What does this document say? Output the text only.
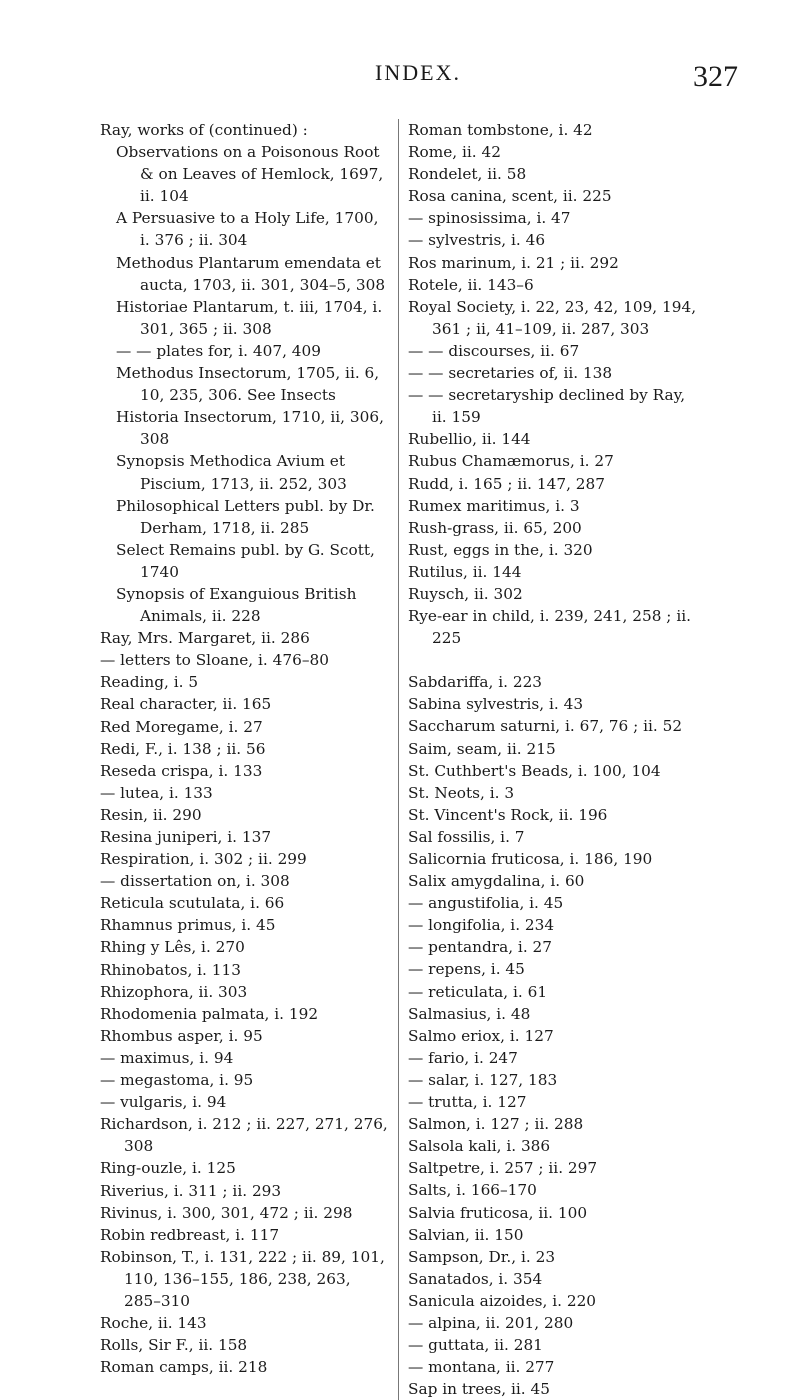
INDEX.	327

Ray, works of (continued) :

Observations on a Poisonous Root & on Leaves of Hemlock, 1697, ii. 104

A Persuasive to a Holy Life, 1700, i. 376 ; ii. 304

Methodus Plantarum emendata et aucta, 1703, ii. 301, 304–5, 308

Historiae Plantarum, t. iii, 1704, i. 301, 365 ; ii. 308

— — plates for, i. 407, 409

Methodus Insectorum, 1705, ii. 6, 10, 235, 306. See Insects

Historia Insectorum, 1710, ii, 306, 308

Synopsis Methodica Avium et Piscium, 1713, ii. 252, 303

Philosophical Letters publ. by Dr. Derham, 1718, ii. 285

Select Remains publ. by G. Scott, 1740

Synopsis of Exanguious British Animals, ii. 228

Ray, Mrs. Margaret, ii. 286

— letters to Sloane, i. 476–80

Reading, i. 5

Real character, ii. 165

Red Moregame, i. 27

Redi, F., i. 138 ; ii. 56

Reseda crispa, i. 133

— lutea, i. 133

Resin, ii. 290

Resina juniperi, i. 137

Respiration, i. 302 ; ii. 299

— dissertation on, i. 308

Reticula scutulata, i. 66

Rhamnus primus, i. 45

Rhing y Lês, i. 270

Rhinobatos, i. 113

Rhizophora, ii. 303

Rhodomenia palmata, i. 192

Rhombus asper, i. 95

— maximus, i. 94

— megastoma, i. 95

— vulgaris, i. 94

Richardson, i. 212 ; ii. 227, 271, 276, 308

Ring-ouzle, i. 125

Riverius, i. 311 ; ii. 293

Rivinus, i. 300, 301, 472 ; ii. 298

Robin redbreast, i. 117

Robinson, T., i. 131, 222 ; ii. 89, 101, 110, 136–155, 186, 238, 263, 285–310

Roche, ii. 143

Rolls, Sir F., ii. 158

Roman camps, ii. 218

Roman tombstone, i. 42

Rome, ii. 42

Rondelet, ii. 58

Rosa canina, scent, ii. 225

— spinosissima, i. 47

— sylvestris, i. 46

Ros marinum, i. 21 ; ii. 292

Rotele, ii. 143–6

Royal Society, i. 22, 23, 42, 109, 194, 361 ; ii, 41–109, ii. 287, 303

— — discourses, ii. 67

— — secretaries of, ii. 138

— — secretaryship declined by Ray, ii. 159

Rubellio, ii. 144

Rubus Chamæmorus, i. 27

Rudd, i. 165 ; ii. 147, 287

Rumex maritimus, i. 3

Rush-grass, ii. 65, 200

Rust, eggs in the, i. 320

Rutilus, ii. 144

Ruysch, ii. 302

Rye-ear in child, i. 239, 241, 258 ; ii. 225

Sabdariffa, i. 223

Sabina sylvestris, i. 43

Saccharum saturni, i. 67, 76 ; ii. 52

Saim, seam, ii. 215

St. Cuthbert's Beads, i. 100, 104

St. Neots, i. 3

St. Vincent's Rock, ii. 196

Sal fossilis, i. 7

Salicornia fruticosa, i. 186, 190

Salix amygdalina, i. 60

— angustifolia, i. 45

— longifolia, i. 234

— pentandra, i. 27

— repens, i. 45

— reticulata, i. 61

Salmasius, i. 48

Salmo eriox, i. 127

— fario, i. 247

— salar, i. 127, 183

— trutta, i. 127

Salmon, i. 127 ; ii. 288

Salsola kali, i. 386

Saltpetre, i. 257 ; ii. 297

Salts, i. 166–170

Salvia fruticosa, ii. 100

Salvian, ii. 150

Sampson, Dr., i. 23

Sanatados, i. 354

Sanicula aizoides, i. 220

— alpina, ii. 201, 280

— guttata, ii. 281

— montana, ii. 277

Sap in trees, ii. 45
